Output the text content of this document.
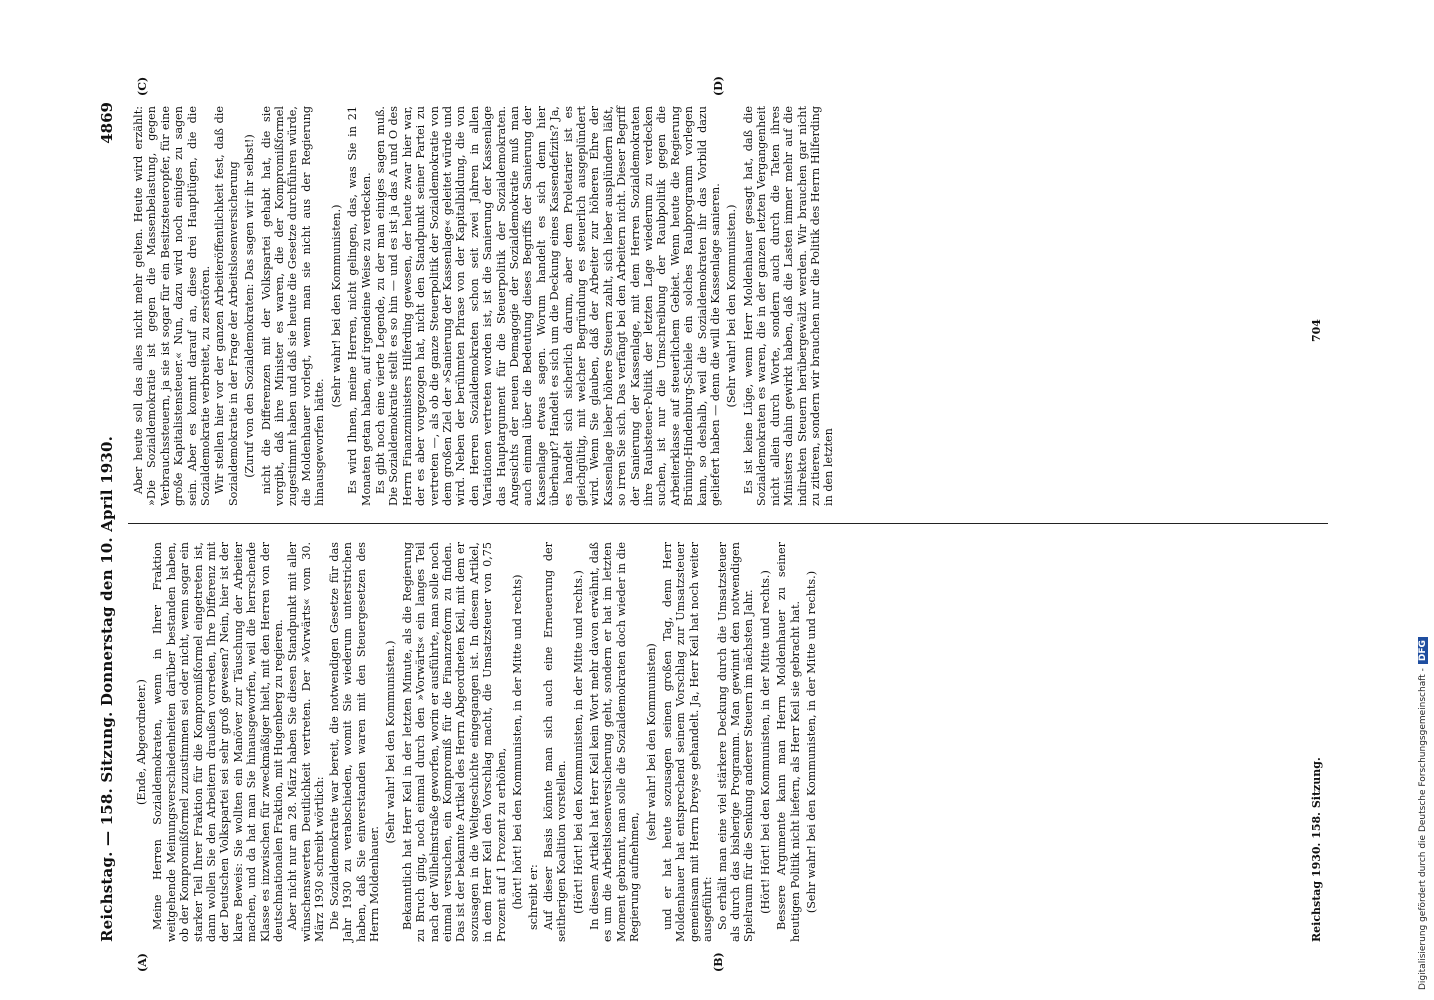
Reichstag. — 158. Sitzung. Donnerstag den 10. April 1930.
4869
(A)	(B)
(C)	(D)

(Ende, Abgeordneter.) Meine Herren Sozialdemokraten, wenn in Ihrer Fraktion weitgehende Meinungsverschiedenheiten darüber bestanden haben, ob der Kompromißformel zuzustimmen sei oder nicht, wenn sogar ein starker Teil Ihrer Fraktion für die Kompromißformel eingetreten ist, dann wollen Sie den Arbeitern draußen vorreden, Ihre Differenz mit der Deutschen Volkspartei sei sehr groß gewesen? Nein, hier ist der klare Beweis: Sie wollten ein Manöver zur Täuschung der Arbeiter machen, und da hat man Sie hinausgeworfen, weil die herrschende Klasse es inzwischen für zweckmäßiger hielt, mit den Herren von der deutschnationalen Fraktion, mit Hugenberg zu regieren. Aber nicht nur am 28. März haben Sie diesen Standpunkt mit aller wünschenswerten Deutlichkeit vertreten. Der »Vorwärts« vom 30. März 1930 schreibt wörtlich: Die Sozialdemokratie war bereit, die notwendigen Gesetze für das Jahr 1930 zu verabschieden, womit Sie wiederum unterstrichen haben, daß Sie einverstanden waren mit den Steuergesetzen des Herrn Moldenhauer.

(Sehr wahr! bei den Kommunisten.) Bekanntlich hat Herr Keil in der letzten Minute, als die Regierung zu Bruch ging, noch einmal durch den »Vorwärts« ein langes Teil nach der Wilhelmstraße geworfen, worin er ausführte, man solle noch einmal versuchen, ein Kompromiß für die Finanzreform zu finden. Das ist der bekannte Artikel des Herrn Abgeordneten Keil, mit dem er sozusagen in die Weltgeschichte eingegangen ist. In diesem Artikel, in dem Herr Keil den Vorschlag macht, die Umsatzsteuer von 0,75 Prozent auf 1 Prozent zu erhöhen, (hört! hört! bei den Kommunisten, in der Mitte und rechts) schreibt er: Auf dieser Basis könnte man sich auch eine Erneuerung der seitherigen Koalition vorstellen. (Hört! Hört! bei den Kommunisten, in der Mitte und rechts.) In diesem Artikel hat Herr Keil kein Wort mehr davon erwähnt, daß es um die Arbeitslosenversicherung geht, sondern er hat im letzten Moment gebrannt, man solle die Sozialdemokraten doch wieder in die Regierung aufnehmen,

(sehr wahr! bei den Kommunisten) und er hat heute sozusagen seinen großen Tag, denn Herr Moldenhauer hat entsprechend seinem Vorschlag zur Umsatzsteuer gemeinsam mit Herrn Dreyse gehandelt. Ja, Herr Keil hat noch weiter ausgeführt: So erhält man eine viel stärkere Deckung durch die Umsatzsteuer als durch das bisherige Programm. Man gewinnt den notwendigen Spielraum für die Senkung anderer Steuern im nächsten Jahr. (Hört! Hört! bei den Kommunisten, in der Mitte und rechts.) Bessere Argumente kann man Herrn Moldenhauer zu seiner heutigen Politik nicht liefern, als Herr Keil sie gebracht hat. (Sehr wahr! bei den Kommunisten, in der Mitte und rechts.)

Aber heute soll das alles nicht mehr gelten. Heute wird erzählt: »Die Sozialdemokratie ist gegen die Massenbelastung, gegen Verbrauchssteuern, ja sie ist sogar für ein Besitzsteueropfer, für eine große Kapitalistensteuer.« Nun, dazu wird noch einiges zu sagen sein. Aber es kommt darauf an, diese drei Hauptlügen, die die Sozialdemokratie verbreitet, zu zerstören. Wir stellen hier vor der ganzen Arbeiteröffentlichkeit fest, daß die Sozialdemokratie in der Frage der Arbeitslosenversicherung (Zuruf von den Sozialdemokraten: Das sagen wir ihr selbst!) nicht die Differenzen mit der Volkspartei gehabt hat, die sie vorgibt, daß ihre Minister es waren, die der Kompromißformel zugestimmt haben und daß sie heute die Gesetze durchführen würde, die Moldenhauer vorlegt, wenn man sie nicht aus der Regierung hinausgeworfen hätte.

(Sehr wahr! bei den Kommunisten.) Es wird Ihnen, meine Herren, nicht gelingen, das, was Sie in 21 Monaten getan haben, auf irgendeine Weise zu verdecken. Es gibt noch eine vierte Legende, zu der man einiges sagen muß. Die Sozialdemokratie stellt es so hin — und es ist ja das A und O des Herrn Finanzministers Hilferding gewesen, der heute zwar hier war, der es aber vorgezogen hat, nicht den Standpunkt seiner Partei zu vertreten —, als ob die ganze Steuerpolitik der Sozialdemokratie von dem großen Ziel der »Sanierung der Kassenlage« geleitet würde und wird. Neben der berühmten Phrase von der Kapitalbildung, die von den Herren Sozialdemokraten schon seit zwei Jahren in allen Variationen vertreten worden ist, ist die Sanierung der Kassenlage das Hauptargument für die Steuerpolitik der Sozialdemokraten. Angesichts der neuen Demagogie der Sozialdemokratie muß man auch einmal über die Bedeutung dieses Begriffs der Sanierung der Kassenlage etwas sagen. Worum handelt es sich denn hier überhaupt? Handelt es sich um die Deckung eines Kassendefizits? Ja, es handelt sich sicherlich darum, aber dem Proletarier ist es gleichgültig, mit welcher Begründung es steuerlich ausgeplündert wird. Wenn Sie glauben, daß der Arbeiter zur höheren Ehre der Kassenlage lieber höhere Steuern zahlt, sich lieber ausplündern läßt, so irren Sie sich. Das verfängt bei den Arbeitern nicht. Dieser Begriff der Sanierung der Kassenlage, mit dem Herren Sozialdemokraten ihre Raubsteuer-Politik der letzten Lage wiederum zu verdecken suchen, ist nur die Umschreibung der Raubpolitik gegen die Arbeiterklasse auf steuerlichem Gebiet. Wenn heute die Regierung Brüning-Hindenburg-Schiele ein solches Raubprogramm vorlegen kann, so deshalb, weil die Sozialdemokraten ihr das Vorbild dazu geliefert haben — denn die will die Kassenlage sanieren. (Sehr wahr! bei den Kommunisten.) Es ist keine Lüge, wenn Herr Moldenhauer gesagt hat, daß die Sozialdemokraten es waren, die in der ganzen letzten Vergangenheit nicht allein durch Worte, sondern auch durch die Taten ihres Ministers dahin gewirkt haben, daß die Lasten immer mehr auf die indirekten Steuern herübergewälzt werden. Wir brauchen gar nicht zu zitieren, sondern wir brauchen nur die Politik des Herrn Hilferding in den letzten

Reichstag 1930. 158. Sitzung.
704
Digitalisierung gefördert durch die Deutsche Forschungsgemeinschaft -DFG
